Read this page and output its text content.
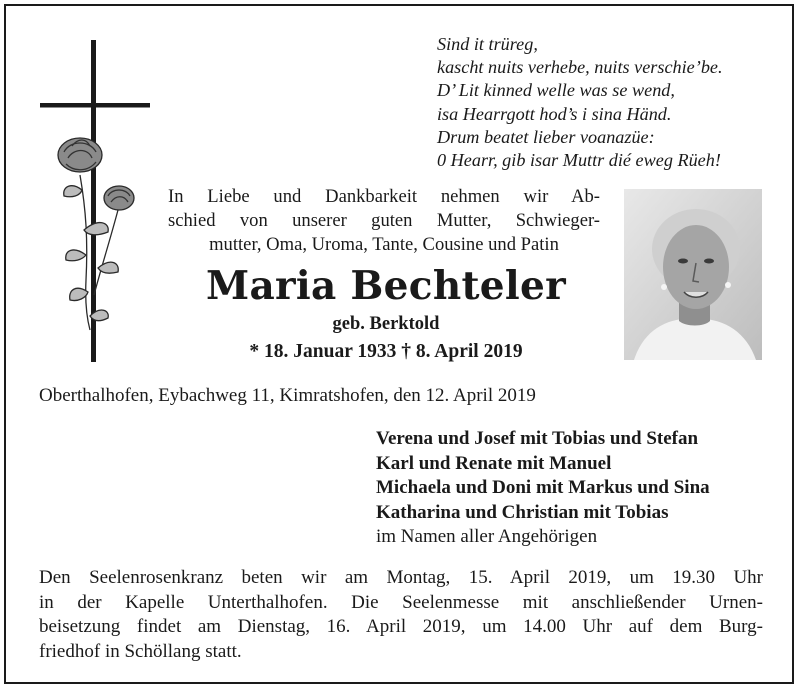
Sind it trüreg,
kascht nuits verhebe, nuits verschie’be.
D’ Lit kinned welle was se wend,
isa Hearrgott hod’s i sina Händ.
Drum beatet lieber voanazüe:
0 Hearr, gib isar Muttr dié eweg Rüeh!
In Liebe und Dankbarkeit nehmen wir Ab-
schied von unserer guten Mutter, Schwieger-
mutter, Oma, Uroma, Tante, Cousine und Patin
Maria Bechteler
geb. Berktold
* 18. Januar 1933 † 8. April 2019
Oberthalhofen, Eybachweg 11, Kimratshofen, den 12. April 2019
Verena und Josef mit Tobias und Stefan
Karl und Renate mit Manuel
Michaela und Doni mit Markus und Sina
Katharina und Christian mit Tobias
im Namen aller Angehörigen
Den Seelenrosenkranz beten wir am Montag, 15. April 2019, um 19.30 Uhr
in der Kapelle Unterthalhofen. Die Seelenmesse mit anschließender Urnen-
beisetzung findet am Dienstag, 16. April 2019, um 14.00 Uhr auf dem Burg-
friedhof in Schöllang statt.
